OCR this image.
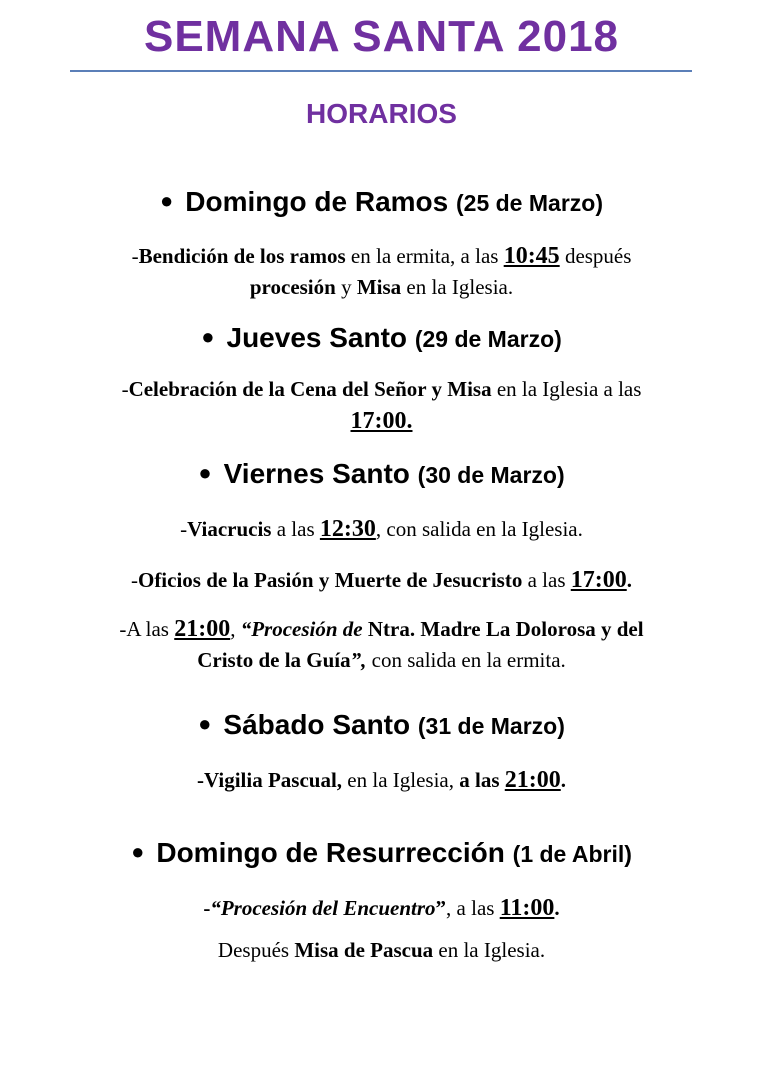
SEMANA SANTA 2018
HORARIOS
● Domingo de Ramos (25 de Marzo)

-Bendición de los ramos en la ermita, a las 10:45 después

procesión y Misa en la Iglesia.

● Jueves Santo (29 de Marzo)

-Celebración de la Cena del Señor y Misa en la Iglesia a las

17:00.

● Viernes Santo (30 de Marzo)

-Viacrucis a las 12:30, con salida en la Iglesia.

-Oficios de la Pasión y Muerte de Jesucristo a las 17:00.

-A las 21:00, “Procesión de Ntra. Madre La Dolorosa y del

Cristo de la Guía”, con salida en la ermita.

● Sábado Santo (31 de Marzo)

-Vigilia Pascual, en la Iglesia, a las 21:00.

● Domingo de Resurrección (1 de Abril)

-“Procesión del Encuentro”, a las 11:00.

Después Misa de Pascua en la Iglesia.
